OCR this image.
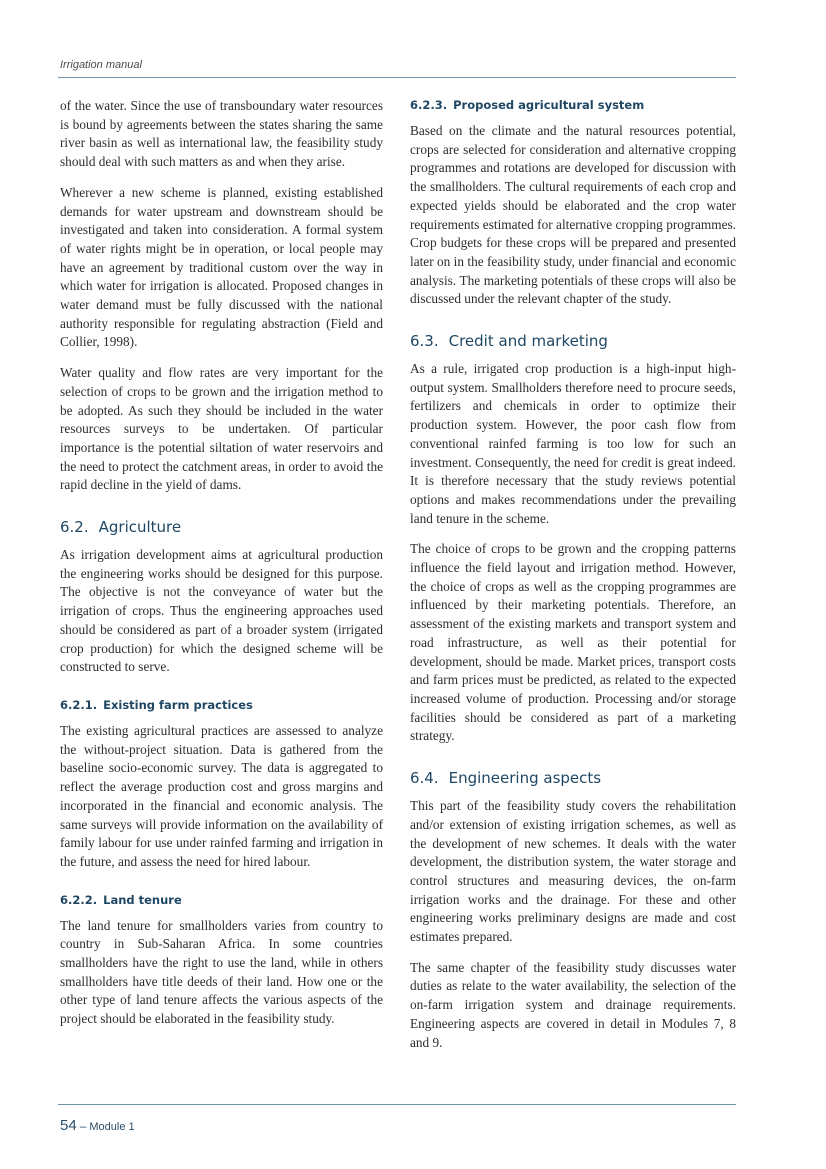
Irrigation manual

of the water. Since the use of transboundary water resources is bound by agreements between the states sharing the same river basin as well as international law, the feasibility study should deal with such matters as and when they arise.

Wherever a new scheme is planned, existing established demands for water upstream and downstream should be investigated and taken into consideration. A formal system of water rights might be in operation, or local people may have an agreement by traditional custom over the way in which water for irrigation is allocated. Proposed changes in water demand must be fully discussed with the national authority responsible for regulating abstraction (Field and Collier, 1998).

Water quality and flow rates are very important for the selection of crops to be grown and the irrigation method to be adopted. As such they should be included in the water resources surveys to be undertaken. Of particular importance is the potential siltation of water reservoirs and the need to protect the catchment areas, in order to avoid the rapid decline in the yield of dams.

6.2. Agriculture

As irrigation development aims at agricultural production the engineering works should be designed for this purpose. The objective is not the conveyance of water but the irrigation of crops. Thus the engineering approaches used should be considered as part of a broader system (irrigated crop production) for which the designed scheme will be constructed to serve.

6.2.1. Existing farm practices

The existing agricultural practices are assessed to analyze the without-project situation. Data is gathered from the baseline socio-economic survey. The data is aggregated to reflect the average production cost and gross margins and incorporated in the financial and economic analysis. The same surveys will provide information on the availability of family labour for use under rainfed farming and irrigation in the future, and assess the need for hired labour.

6.2.2. Land tenure

The land tenure for smallholders varies from country to country in Sub-Saharan Africa. In some countries smallholders have the right to use the land, while in others smallholders have title deeds of their land. How one or the other type of land tenure affects the various aspects of the project should be elaborated in the feasibility study.

6.2.3. Proposed agricultural system

Based on the climate and the natural resources potential, crops are selected for consideration and alternative cropping programmes and rotations are developed for discussion with the smallholders. The cultural requirements of each crop and expected yields should be elaborated and the crop water requirements estimated for alternative cropping programmes. Crop budgets for these crops will be prepared and presented later on in the feasibility study, under financial and economic analysis. The marketing potentials of these crops will also be discussed under the relevant chapter of the study.

6.3. Credit and marketing

As a rule, irrigated crop production is a high-input high-output system. Smallholders therefore need to procure seeds, fertilizers and chemicals in order to optimize their production system. However, the poor cash flow from conventional rainfed farming is too low for such an investment. Consequently, the need for credit is great indeed. It is therefore necessary that the study reviews potential options and makes recommendations under the prevailing land tenure in the scheme.

The choice of crops to be grown and the cropping patterns influence the field layout and irrigation method. However, the choice of crops as well as the cropping programmes are influenced by their marketing potentials. Therefore, an assessment of the existing markets and transport system and road infrastructure, as well as their potential for development, should be made. Market prices, transport costs and farm prices must be predicted, as related to the expected increased volume of production. Processing and/or storage facilities should be considered as part of a marketing strategy.

6.4. Engineering aspects

This part of the feasibility study covers the rehabilitation and/or extension of existing irrigation schemes, as well as the development of new schemes. It deals with the water development, the distribution system, the water storage and control structures and measuring devices, the on-farm irrigation works and the drainage. For these and other engineering works preliminary designs are made and cost estimates prepared.

The same chapter of the feasibility study discusses water duties as relate to the water availability, the selection of the on-farm irrigation system and drainage requirements. Engineering aspects are covered in detail in Modules 7, 8 and 9.

54 – Module 1
